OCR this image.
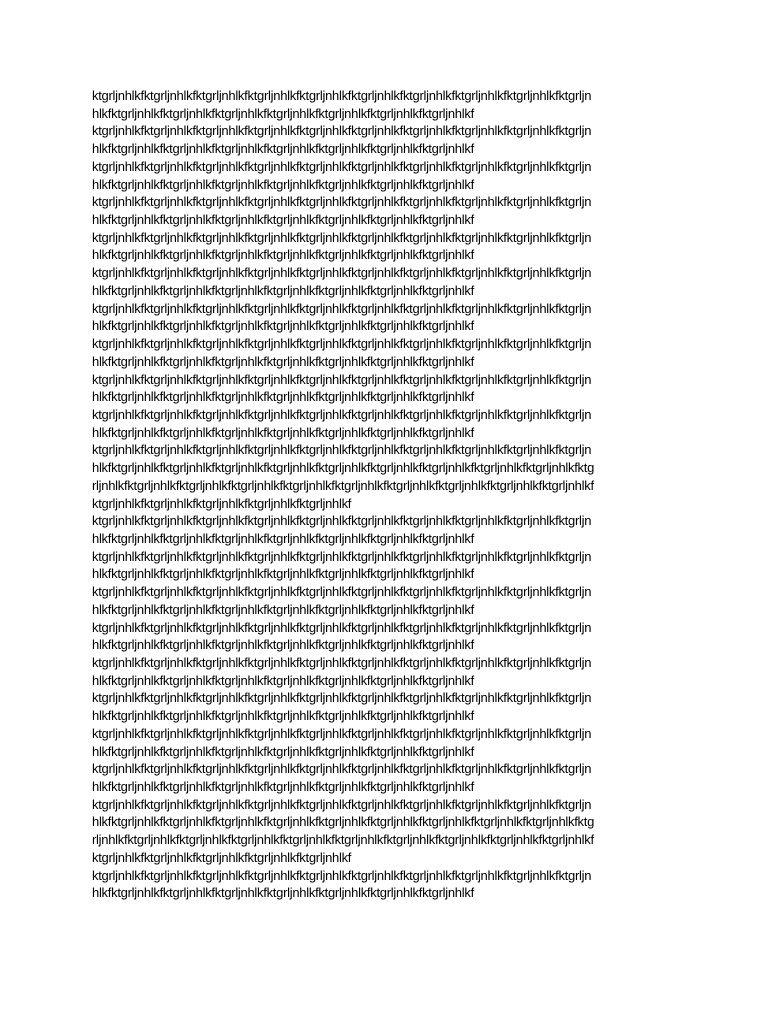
ktgrljnhlkfktgrljnhlkfktgrljnhlkfktgrljnhlkfktgrljnhlkfktgrljnhlkfktgrljnhlkfktgrljnhlkfktgrljnhlkfktgrljn
hlkfktgrljnhlkfktgrljnhlkfktgrljnhlkfktgrljnhlkfktgrljnhlkfktgrljnhlkfktgrljnhlkf
ktgrljnhlkfktgrljnhlkfktgrljnhlkfktgrljnhlkfktgrljnhlkfktgrljnhlkfktgrljnhlkfktgrljnhlkfktgrljnhlkfktgrljn
hlkfktgrljnhlkfktgrljnhlkfktgrljnhlkfktgrljnhlkfktgrljnhlkfktgrljnhlkfktgrljnhlkf
ktgrljnhlkfktgrljnhlkfktgrljnhlkfktgrljnhlkfktgrljnhlkfktgrljnhlkfktgrljnhlkfktgrljnhlkfktgrljnhlkfktgrljn
hlkfktgrljnhlkfktgrljnhlkfktgrljnhlkfktgrljnhlkfktgrljnhlkfktgrljnhlkfktgrljnhlkf
ktgrljnhlkfktgrljnhlkfktgrljnhlkfktgrljnhlkfktgrljnhlkfktgrljnhlkfktgrljnhlkfktgrljnhlkfktgrljnhlkfktgrljn
hlkfktgrljnhlkfktgrljnhlkfktgrljnhlkfktgrljnhlkfktgrljnhlkfktgrljnhlkfktgrljnhlkf
ktgrljnhlkfktgrljnhlkfktgrljnhlkfktgrljnhlkfktgrljnhlkfktgrljnhlkfktgrljnhlkfktgrljnhlkfktgrljnhlkfktgrljn
hlkfktgrljnhlkfktgrljnhlkfktgrljnhlkfktgrljnhlkfktgrljnhlkfktgrljnhlkfktgrljnhlkf
ktgrljnhlkfktgrljnhlkfktgrljnhlkfktgrljnhlkfktgrljnhlkfktgrljnhlkfktgrljnhlkfktgrljnhlkfktgrljnhlkfktgrljn
hlkfktgrljnhlkfktgrljnhlkfktgrljnhlkfktgrljnhlkfktgrljnhlkfktgrljnhlkfktgrljnhlkf
ktgrljnhlkfktgrljnhlkfktgrljnhlkfktgrljnhlkfktgrljnhlkfktgrljnhlkfktgrljnhlkfktgrljnhlkfktgrljnhlkfktgrljn
hlkfktgrljnhlkfktgrljnhlkfktgrljnhlkfktgrljnhlkfktgrljnhlkfktgrljnhlkfktgrljnhlkf
ktgrljnhlkfktgrljnhlkfktgrljnhlkfktgrljnhlkfktgrljnhlkfktgrljnhlkfktgrljnhlkfktgrljnhlkfktgrljnhlkfktgrljn
hlkfktgrljnhlkfktgrljnhlkfktgrljnhlkfktgrljnhlkfktgrljnhlkfktgrljnhlkfktgrljnhlkf
ktgrljnhlkfktgrljnhlkfktgrljnhlkfktgrljnhlkfktgrljnhlkfktgrljnhlkfktgrljnhlkfktgrljnhlkfktgrljnhlkfktgrljn
hlkfktgrljnhlkfktgrljnhlkfktgrljnhlkfktgrljnhlkfktgrljnhlkfktgrljnhlkfktgrljnhlkf
ktgrljnhlkfktgrljnhlkfktgrljnhlkfktgrljnhlkfktgrljnhlkfktgrljnhlkfktgrljnhlkfktgrljnhlkfktgrljnhlkfktgrljn
hlkfktgrljnhlkfktgrljnhlkfktgrljnhlkfktgrljnhlkfktgrljnhlkfktgrljnhlkfktgrljnhlkf
ktgrljnhlkfktgrljnhlkfktgrljnhlkfktgrljnhlkfktgrljnhlkfktgrljnhlkfktgrljnhlkfktgrljnhlkfktgrljnhlkfktgrljn
hlkfktgrljnhlkfktgrljnhlkfktgrljnhlkfktgrljnhlkfktgrljnhlkfktgrljnhlkfktgrljnhlkfktgrljnhlkfktgrljnhlkfktg
rljnhlkfktgrljnhlkfktgrljnhlkfktgrljnhlkfktgrljnhlkfktgrljnhlkfktgrljnhlkfktgrljnhlkfktgrljnhlkfktgrljnhlkf
ktgrljnhlkfktgrljnhlkfktgrljnhlkfktgrljnhlkfktgrljnhlkf
ktgrljnhlkfktgrljnhlkfktgrljnhlkfktgrljnhlkfktgrljnhlkfktgrljnhlkfktgrljnhlkfktgrljnhlkfktgrljnhlkfktgrljn
hlkfktgrljnhlkfktgrljnhlkfktgrljnhlkfktgrljnhlkfktgrljnhlkfktgrljnhlkfktgrljnhlkf
ktgrljnhlkfktgrljnhlkfktgrljnhlkfktgrljnhlkfktgrljnhlkfktgrljnhlkfktgrljnhlkfktgrljnhlkfktgrljnhlkfktgrljn
hlkfktgrljnhlkfktgrljnhlkfktgrljnhlkfktgrljnhlkfktgrljnhlkfktgrljnhlkfktgrljnhlkf
ktgrljnhlkfktgrljnhlkfktgrljnhlkfktgrljnhlkfktgrljnhlkfktgrljnhlkfktgrljnhlkfktgrljnhlkfktgrljnhlkfktgrljn
hlkfktgrljnhlkfktgrljnhlkfktgrljnhlkfktgrljnhlkfktgrljnhlkfktgrljnhlkfktgrljnhlkf
ktgrljnhlkfktgrljnhlkfktgrljnhlkfktgrljnhlkfktgrljnhlkfktgrljnhlkfktgrljnhlkfktgrljnhlkfktgrljnhlkfktgrljn
hlkfktgrljnhlkfktgrljnhlkfktgrljnhlkfktgrljnhlkfktgrljnhlkfktgrljnhlkfktgrljnhlkf
ktgrljnhlkfktgrljnhlkfktgrljnhlkfktgrljnhlkfktgrljnhlkfktgrljnhlkfktgrljnhlkfktgrljnhlkfktgrljnhlkfktgrljn
hlkfktgrljnhlkfktgrljnhlkfktgrljnhlkfktgrljnhlkfktgrljnhlkfktgrljnhlkfktgrljnhlkf
ktgrljnhlkfktgrljnhlkfktgrljnhlkfktgrljnhlkfktgrljnhlkfktgrljnhlkfktgrljnhlkfktgrljnhlkfktgrljnhlkfktgrljn
hlkfktgrljnhlkfktgrljnhlkfktgrljnhlkfktgrljnhlkfktgrljnhlkfktgrljnhlkfktgrljnhlkf
ktgrljnhlkfktgrljnhlkfktgrljnhlkfktgrljnhlkfktgrljnhlkfktgrljnhlkfktgrljnhlkfktgrljnhlkfktgrljnhlkfktgrljn
hlkfktgrljnhlkfktgrljnhlkfktgrljnhlkfktgrljnhlkfktgrljnhlkfktgrljnhlkfktgrljnhlkf
ktgrljnhlkfktgrljnhlkfktgrljnhlkfktgrljnhlkfktgrljnhlkfktgrljnhlkfktgrljnhlkfktgrljnhlkfktgrljnhlkfktgrljn
hlkfktgrljnhlkfktgrljnhlkfktgrljnhlkfktgrljnhlkfktgrljnhlkfktgrljnhlkfktgrljnhlkf
ktgrljnhlkfktgrljnhlkfktgrljnhlkfktgrljnhlkfktgrljnhlkfktgrljnhlkfktgrljnhlkfktgrljnhlkfktgrljnhlkfktgrljn
hlkfktgrljnhlkfktgrljnhlkfktgrljnhlkfktgrljnhlkfktgrljnhlkfktgrljnhlkfktgrljnhlkfktgrljnhlkfktgrljnhlkfktg
rljnhlkfktgrljnhlkfktgrljnhlkfktgrljnhlkfktgrljnhlkfktgrljnhlkfktgrljnhlkfktgrljnhlkfktgrljnhlkfktgrljnhlkf
ktgrljnhlkfktgrljnhlkfktgrljnhlkfktgrljnhlkfktgrljnhlkf
ktgrljnhlkfktgrljnhlkfktgrljnhlkfktgrljnhlkfktgrljnhlkfktgrljnhlkfktgrljnhlkfktgrljnhlkfktgrljnhlkfktgrljn
hlkfktgrljnhlkfktgrljnhlkfktgrljnhlkfktgrljnhlkfktgrljnhlkfktgrljnhlkfktgrljnhlkf
